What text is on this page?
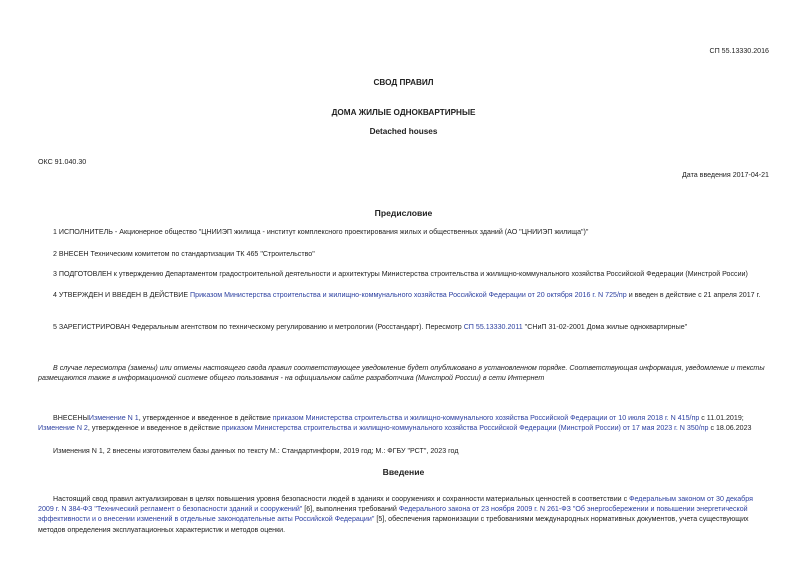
СП 55.13330.2016
СВОД ПРАВИЛ
ДОМА ЖИЛЫЕ ОДНОКВАРТИРНЫЕ
Detached houses
ОКС 91.040.30
Дата введения 2017-04-21
Предисловие
1 ИСПОЛНИТЕЛЬ - Акционерное общество "ЦНИИЭП жилища - институт комплексного проектирования жилых и общественных зданий (АО "ЦНИИЭП жилища")"
2 ВНЕСЕН Техническим комитетом по стандартизации ТК 465 "Строительство"
3 ПОДГОТОВЛЕН к утверждению Департаментом градостроительной деятельности и архитектуры Министерства строительства и жилищно-коммунального хозяйства Российской Федерации (Минстрой России)
4 УТВЕРЖДЕН И ВВЕДЕН В ДЕЙСТВИЕ Приказом Министерства строительства и жилищно-коммунального хозяйства Российской Федерации от 20 октября 2016 г. N 725/пр и введен в действие с 21 апреля 2017 г.
5 ЗАРЕГИСТРИРОВАН Федеральным агентством по техническому регулированию и метрологии (Росстандарт). Пересмотр СП 55.13330.2011 "СНиП 31-02-2001 Дома жилые одноквартирные"
В случае пересмотра (замены) или отмены настоящего свода правил соответствующее уведомление будет опубликовано в установленном порядке. Соответствующая информация, уведомление и тексты размещаются также в информационной системе общего пользования - на официальном сайте разработчика (Минстрой России) в сети Интернет
ВНЕСЕНЫИзменение N 1, утвержденное и введенное в действие приказом Министерства строительства и жилищно-коммунального хозяйства Российской Федерации от 10 июля 2018 г. N 415/пр с 11.01.2019; Изменение N 2, утвержденное и введенное в действие приказом Министерства строительства и жилищно-коммунального хозяйства Российской Федерации (Минстрой России) от 17 мая 2023 г. N 350/пр с 18.06.2023
Изменения N 1, 2 внесены изготовителем базы данных по тексту М.: Стандартинформ, 2019 год; М.: ФГБУ "РСТ", 2023 год
Введение
Настоящий свод правил актуализирован в целях повышения уровня безопасности людей в зданиях и сооружениях и сохранности материальных ценностей в соответствии с Федеральным законом от 30 декабря 2009 г. N 384-ФЗ "Технический регламент о безопасности зданий и сооружений" [6], выполнения требований Федерального закона от 23 ноября 2009 г. N 261-ФЗ "Об энергосбережении и повышении энергетической эффективности и о внесении изменений в отдельные законодательные акты Российской Федерации" [5], обеспечения гармонизации с требованиями международных нормативных документов, учета существующих методов определения эксплуатационных характеристик и методов оценки.
